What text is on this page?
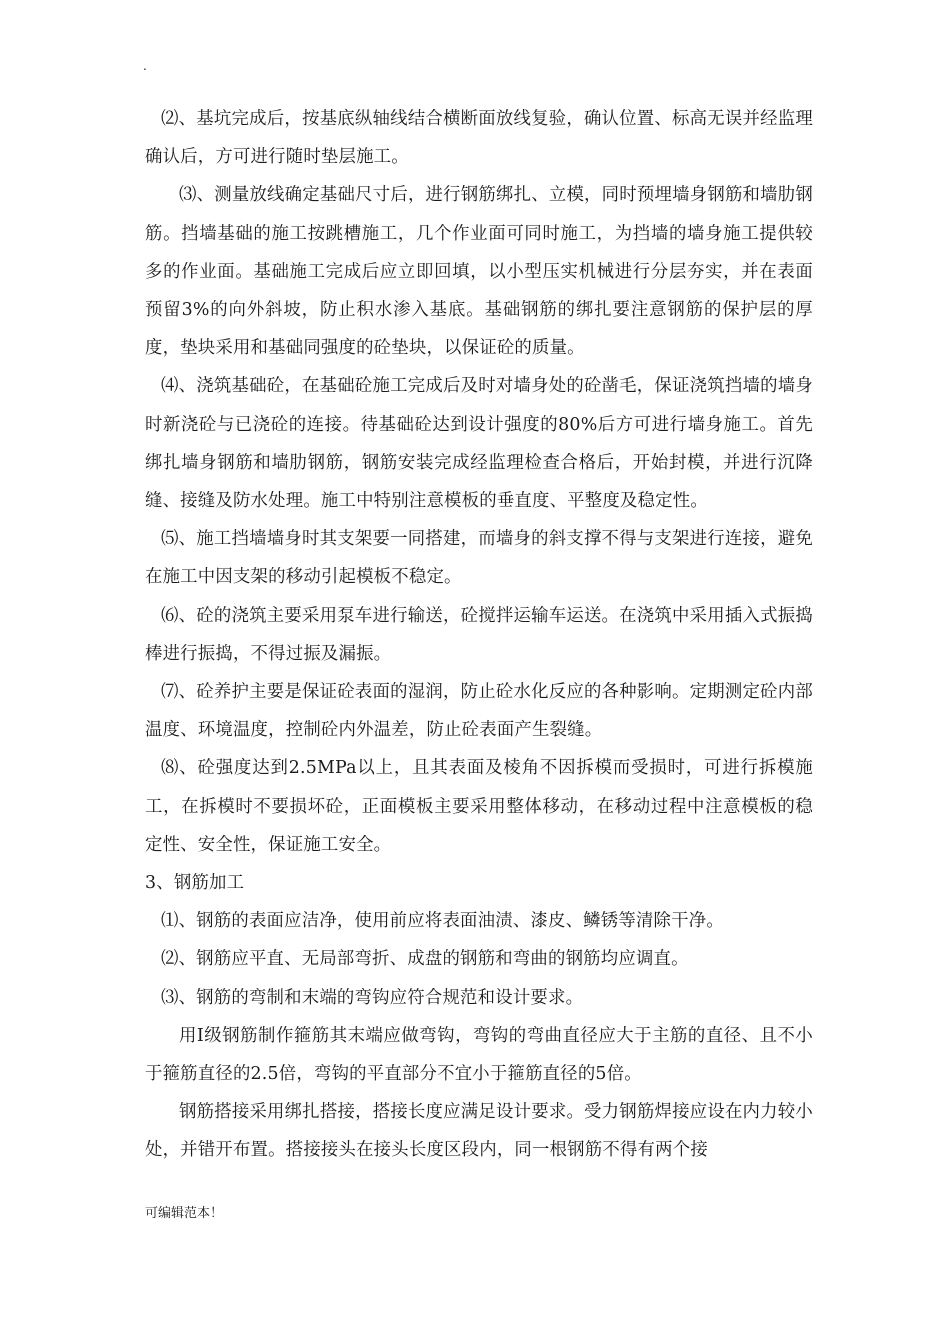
.

⑵、基坑完成后，按基底纵轴线结合横断面放线复验，确认位置、标高无误并经监理确认后，方可进行随时垫层施工。

⑶、测量放线确定基础尺寸后，进行钢筋绑扎、立模，同时预埋墙身钢筋和墙肋钢筋。挡墙基础的施工按跳槽施工，几个作业面可同时施工，为挡墙的墙身施工提供较多的作业面。基础施工完成后应立即回填，以小型压实机械进行分层夯实，并在表面预留3%的向外斜坡，防止积水渗入基底。基础钢筋的绑扎要注意钢筋的保护层的厚度，垫块采用和基础同强度的砼垫块，以保证砼的质量。

⑷、浇筑基础砼，在基础砼施工完成后及时对墙身处的砼凿毛，保证浇筑挡墙的墙身时新浇砼与已浇砼的连接。待基础砼达到设计强度的80%后方可进行墙身施工。首先绑扎墙身钢筋和墙肋钢筋，钢筋安装完成经监理检查合格后，开始封模，并进行沉降缝、接缝及防水处理。施工中特别注意模板的垂直度、平整度及稳定性。

⑸、施工挡墙墙身时其支架要一同搭建，而墙身的斜支撑不得与支架进行连接，避免在施工中因支架的移动引起模板不稳定。

⑹、砼的浇筑主要采用泵车进行输送，砼搅拌运输车运送。在浇筑中采用插入式振捣棒进行振捣，不得过振及漏振。

⑺、砼养护主要是保证砼表面的湿润，防止砼水化反应的各种影响。定期测定砼内部温度、环境温度，控制砼内外温差，防止砼表面产生裂缝。

⑻、砼强度达到2.5MPa以上，且其表面及棱角不因拆模而受损时，可进行拆模施工，在拆模时不要损坏砼，正面模板主要采用整体移动，在移动过程中注意模板的稳定性、安全性，保证施工安全。

3、钢筋加工

⑴、钢筋的表面应洁净，使用前应将表面油渍、漆皮、鳞锈等清除干净。

⑵、钢筋应平直、无局部弯折、成盘的钢筋和弯曲的钢筋均应调直。

⑶、钢筋的弯制和末端的弯钩应符合规范和设计要求。

用Ⅰ级钢筋制作箍筋其末端应做弯钩，弯钩的弯曲直径应大于主筋的直径、且不小于箍筋直径的2.5倍，弯钩的平直部分不宜小于箍筋直径的5倍。

钢筋搭接采用绑扎搭接，搭接长度应满足设计要求。受力钢筋焊接应设在内力较小处，并错开布置。搭接接头在接头长度区段内，同一根钢筋不得有两个接

可编辑范本！
